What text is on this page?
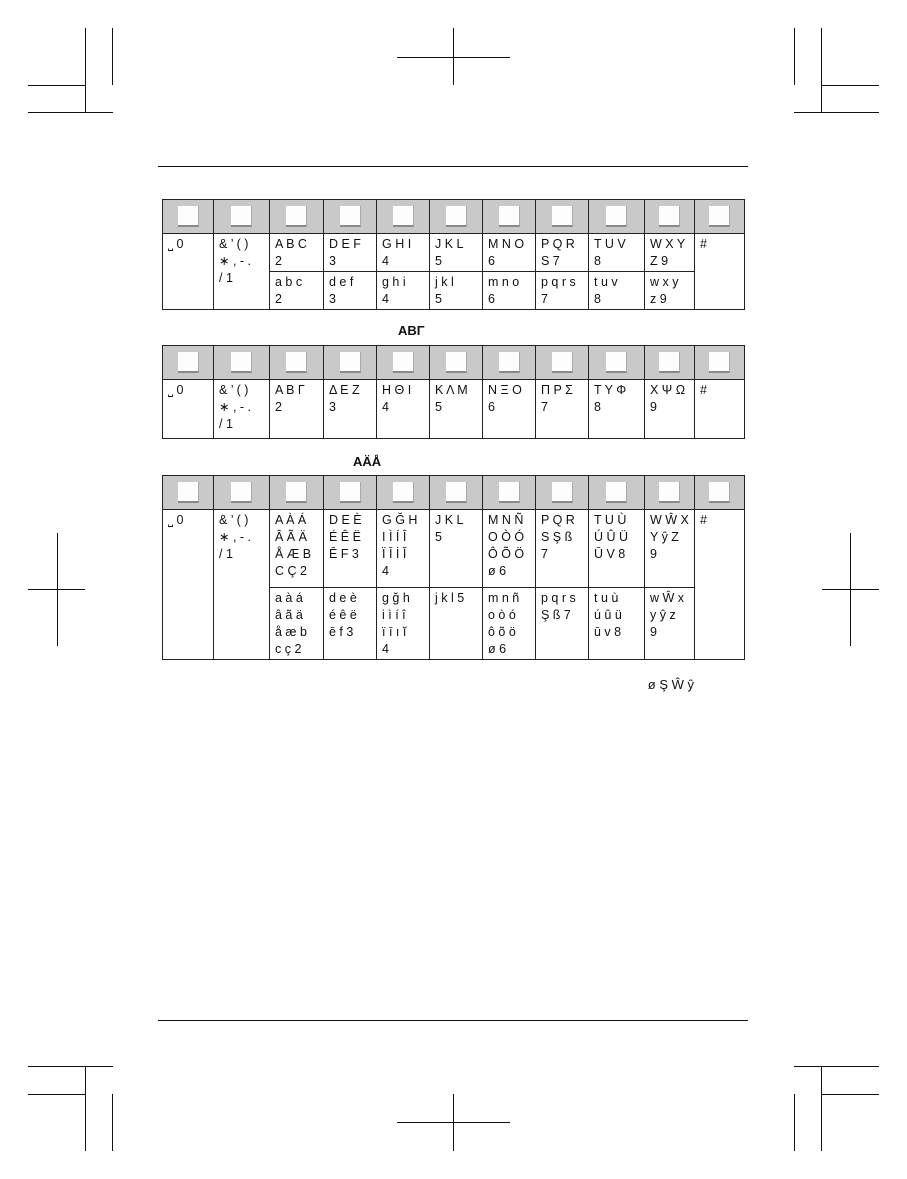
⎵ 0	& ’ ( )
∗ , - .
/ 1	A B C
2	D E F
3	G H I
4	J K L
5	M N O
6	P Q R
S 7	T U V
8	W X Y
Z 9	#
		a b c
2	d e f
3	g h i
4	j k l
5	m n o
6	p q r s
7	t u v
8	w x y
z 9	
ΑΒΓ

⎵ 0	& ’ ( )
∗ , - .
/ 1	Α Β Γ
2	Δ Ε Ζ
3	Η Θ Ι
4	Κ Λ Μ
5	Ν Ξ Ο
6	Π Ρ Σ
7	Τ Υ Φ
8	Χ Ψ Ω
9	#
AÄÅ

⎵ 0	& ’ ( )
∗ , - .
/ 1	A À Á
Â Ã Ä
Å Æ B
C Ç 2	D E È
É Ê Ë
Ē F 3	G Ğ H
I Ì Í Î
Ï Ī İ Ĭ
4	J K L
5	M N Ñ
O Ò Ó
Ô Õ Ö
ø 6	P Q R
S Ş ß
7	T U Ù
Ú Û Ü
Ū V 8	W Ŵ X
Y ŷ Z
9	#
		a à á
â ã ä
å æ b
c ç 2	d e è
é ê ë
ē f 3	g ğ h
i ì í î
ï ī ı ĭ
4	j k l 5	m n ñ
o ò ó
ô õ ö
ø 6	p q r s
Ş ß 7	t u ù
ú û ü
ū v 8	w Ŵ x
y ŷ z
9	
ø Ş Ŵ ŷ
